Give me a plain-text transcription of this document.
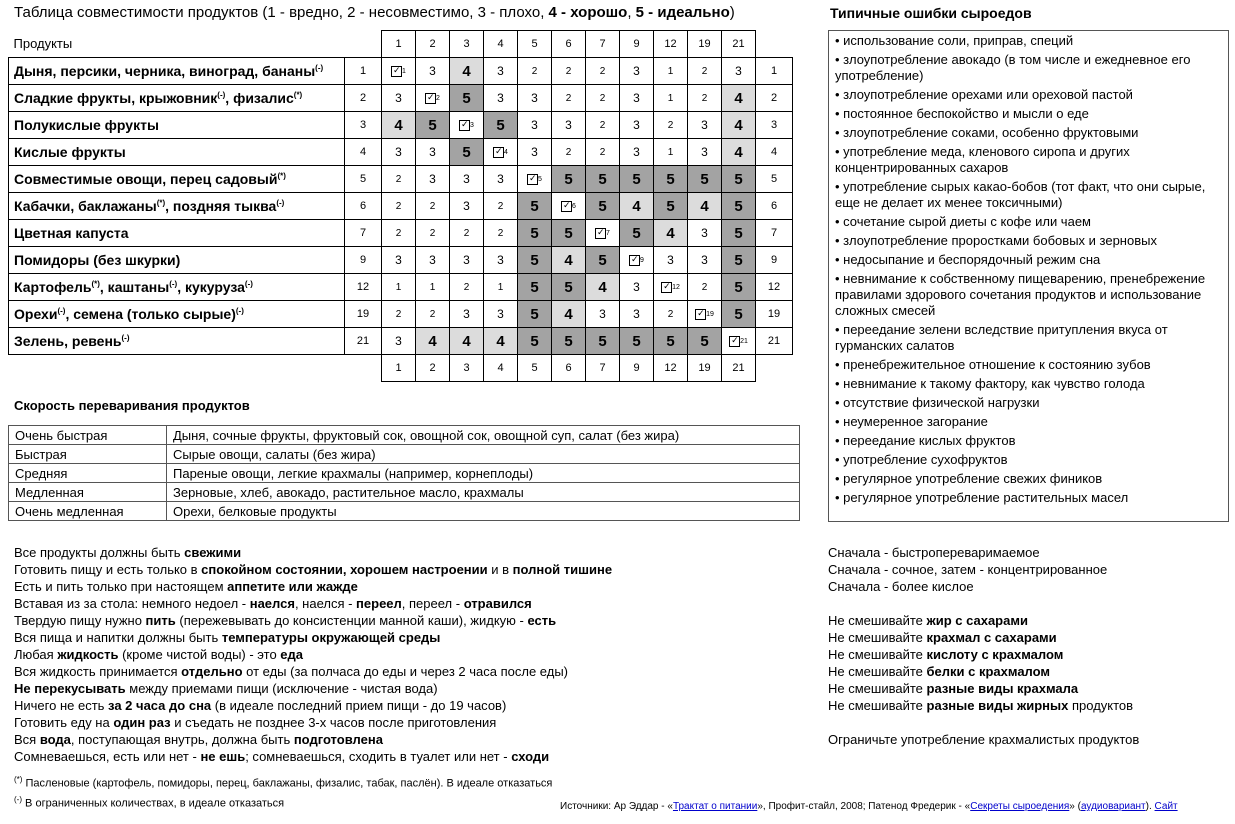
Таблица совместимости продуктов (1 - вредно, 2 - несовместимо, 3 - плохо, 4 - хорошо, 5 - идеально)
Продукты		1	2	3	4	5	6	7	9	12	19	21	
Дыня, персики, черника, виноград, бананы(-)	1	✓1	3	4	3	2	2	2	3	1	2	3	1
Сладкие фрукты, крыжовник(-), физалис(*)	2	3	✓2	5	3	3	2	2	3	1	2	4	2
Полукислые фрукты	3	4	5	✓3	5	3	3	2	3	2	3	4	3
Кислые фрукты	4	3	3	5	✓4	3	2	2	3	1	3	4	4
Совместимые овощи, перец садовый(*)	5	2	3	3	3	✓5	5	5	5	5	5	5	5
Кабачки, баклажаны(*), поздняя тыква(-)	6	2	2	3	2	5	✓6	5	4	5	4	5	6
Цветная капуста	7	2	2	2	2	5	5	✓7	5	4	3	5	7
Помидоры (без шкурки)	9	3	3	3	3	5	4	5	✓9	3	3	5	9
Картофель(*), каштаны(-), кукуруза(-)	12	1	1	2	1	5	5	4	3	✓12	2	5	12
Орехи(-), семена (только сырые)(-)	19	2	2	3	3	5	4	3	3	2	✓19	5	19
Зелень, ревень(-)	21	3	4	4	4	5	5	5	5	5	5	✓21	21
		1	2	3	4	5	6	7	9	12	19	21	
Скорость переваривания продуктов
Очень быстрая	Дыня, сочные фрукты, фруктовый сок, овощной сок, овощной суп, салат (без жира)
Быстрая	Сырые овощи, салаты (без жира)
Средняя	Пареные овощи, легкие крахмалы (например, корнеплоды)
Медленная	Зерновые, хлеб, авокадо, растительное масло, крахмалы
Очень медленная	Орехи, белковые продукты
Типичные ошибки сыроедов
• использование соли, приправ, специй
• злоупотребление авокадо (в том числе и ежедневное его употребление)
• злоупотребление орехами или ореховой пастой
• постоянное беспокойство и мысли о еде
• злоупотребление соками, особенно фруктовыми
• употребление меда, кленового сиропа и других концентрированных сахаров
• употребление сырых какао-бобов (тот факт, что они сырые, еще не делает их менее токсичными)
• сочетание сырой диеты с кофе или чаем
• злоупотребление проростками бобовых и зерновых
• недосыпание и беспорядочный режим сна
• невнимание к собственному пищеварению, пренебрежение правилами здорового сочетания продуктов и использование сложных смесей
• переедание зелени вследствие притупления вкуса от гурманских салатов
• пренебрежительное отношение к состоянию зубов
• невнимание к такому фактору, как чувство голода
• отсутствие физической нагрузки
• неумеренное загорание
• переедание кислых фруктов
• употребление сухофруктов
• регулярное употребление свежих фиников
• регулярное употребление растительных масел
Все продукты должны быть свежими
Готовить пищу и есть только в спокойном состоянии, хорошем настроении и в полной тишине
Есть и пить только при настоящем аппетите или жажде
Вставая из за стола: немного недоел - наелся, наелся - переел, переел - отравился
Твердую пищу нужно пить (пережевывать до консистенции манной каши), жидкую - есть
Вся пища и напитки должны быть температуры окружающей среды
Любая жидкость (кроме чистой воды) - это еда
Вся жидкость принимается отдельно от еды (за полчаса до еды и через 2 часа после еды)
Не перекусывать между приемами пищи (исключение - чистая вода)
Ничего не есть за 2 часа до сна (в идеале последний прием пищи - до 19 часов)
Готовить еду на один раз и съедать не позднее 3-х часов после приготовления
Вся вода, поступающая внутрь, должна быть подготовлена
Сомневаешься, есть или нет - не ешь; сомневаешься, сходить в туалет или нет - сходи
Сначала - быстропереваримаемое
Сначала - сочное, затем - концентрированное
Сначала - более кислое

Не смешивайте жир с сахарами
Не смешивайте крахмал с сахарами
Не смешивайте кислоту с крахмалом
Не смешивайте белки с крахмалом
Не смешивайте разные виды крахмала
Не смешивайте разные виды жирных продуктов

Ограничьте употребление крахмалистых продуктов
(*) Пасленовые (картофель, помидоры, перец, баклажаны, физалис, табак, паслён). В идеале отказаться
(-) В ограниченных количествах, в идеале отказаться	Источники: Ар Эддар - «Трактат о питании», Профит-стайл, 2008; Патенод Фредерик - «Секреты сыроедения» (аудиовариант). Сайт
